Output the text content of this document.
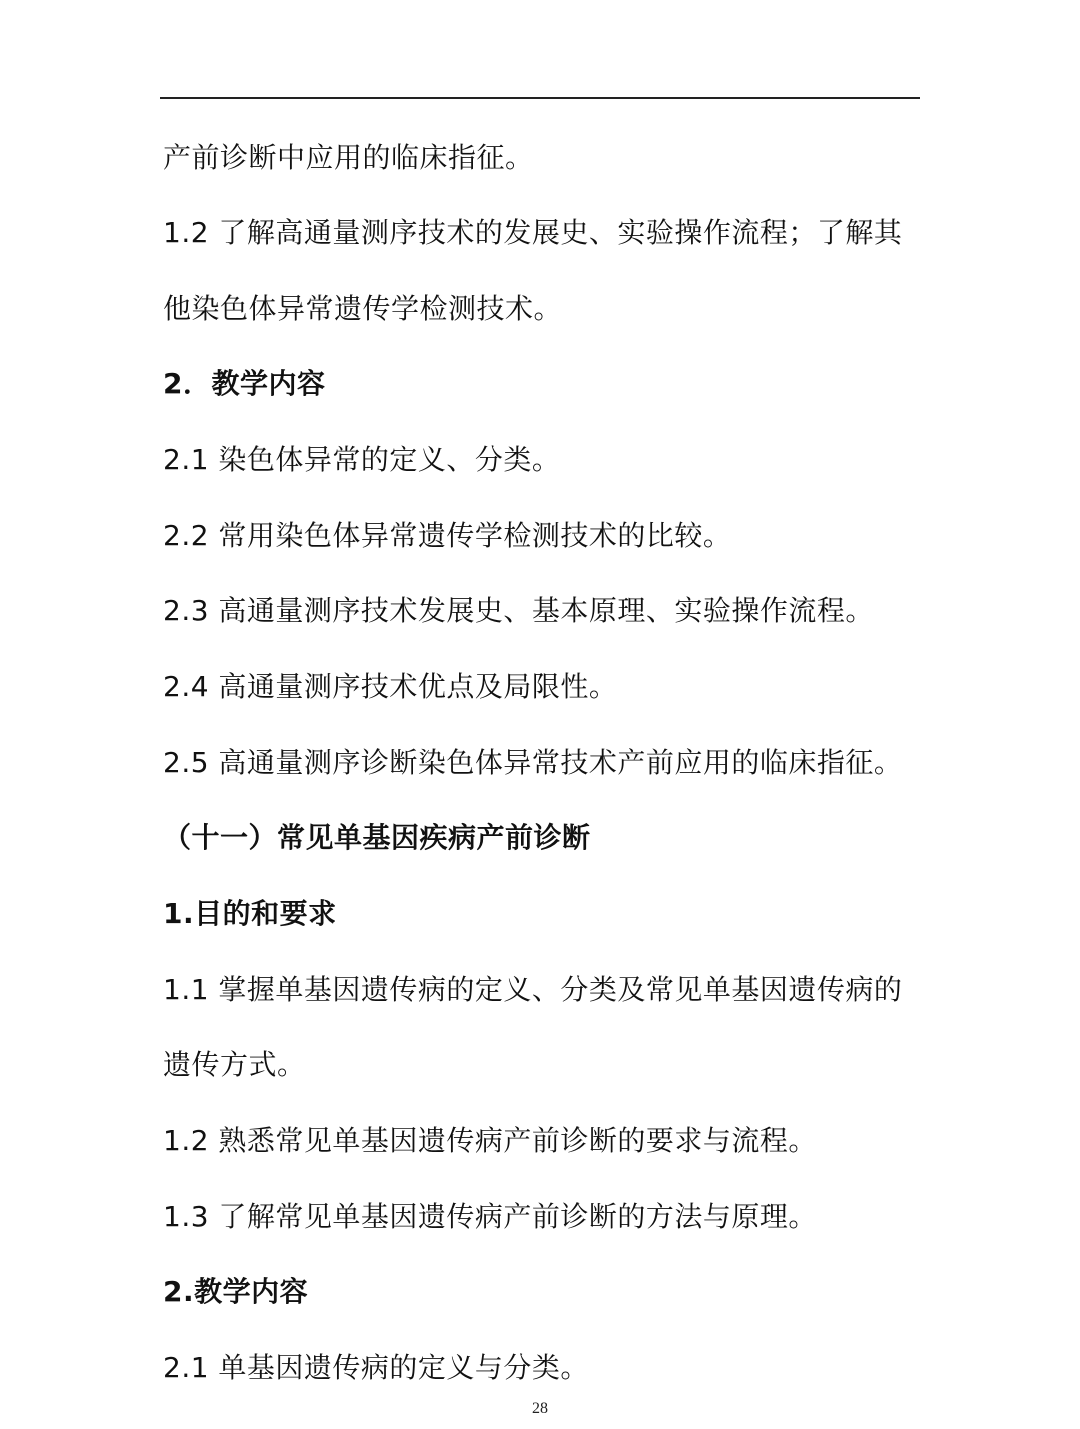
产前诊断中应用的临床指征。
1.2 了解高通量测序技术的发展史、实验操作流程；了解其
他染色体异常遗传学检测技术。
2．教学内容
2.1 染色体异常的定义、分类。
2.2 常用染色体异常遗传学检测技术的比较。
2.3 高通量测序技术发展史、基本原理、实验操作流程。
2.4 高通量测序技术优点及局限性。
2.5 高通量测序诊断染色体异常技术产前应用的临床指征。
（十一）常见单基因疾病产前诊断
1.目的和要求
1.1 掌握单基因遗传病的定义、分类及常见单基因遗传病的
遗传方式。
1.2 熟悉常见单基因遗传病产前诊断的要求与流程。
1.3 了解常见单基因遗传病产前诊断的方法与原理。
2.教学内容
2.1 单基因遗传病的定义与分类。
28
